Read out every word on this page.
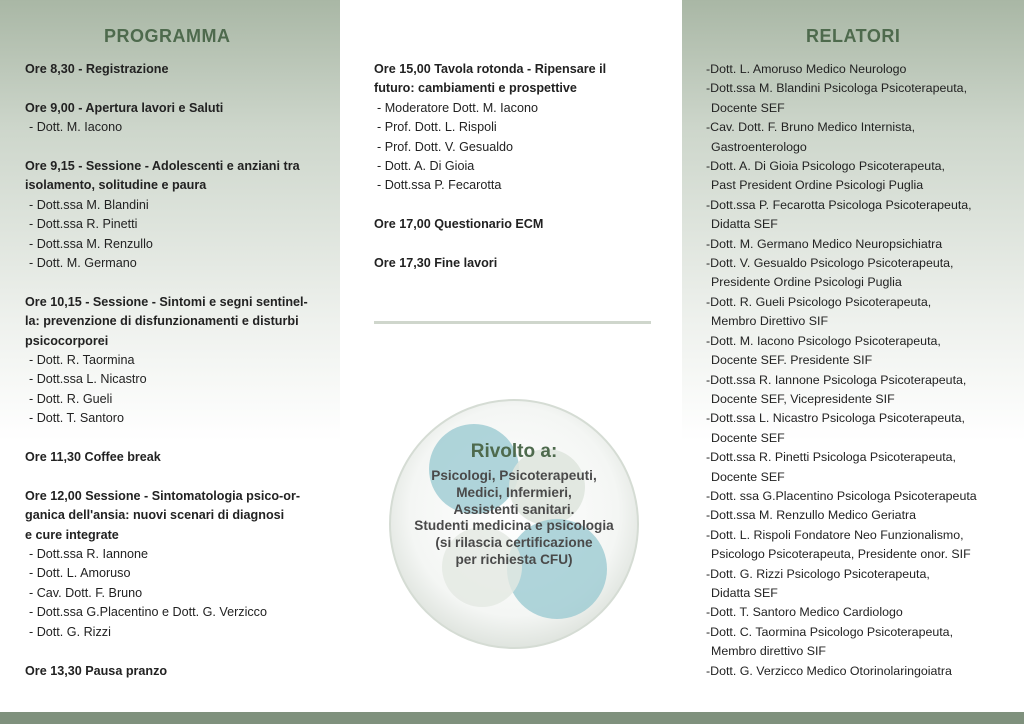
PROGRAMMA	RELATORI
Ore 8,30 - Registrazione
Ore 9,00 - Apertura lavori e Saluti
- Dott. M. Iacono
Ore 9,15 - Sessione - Adolescenti e anziani tra
isolamento, solitudine e paura
- Dott.ssa M. Blandini
- Dott.ssa R. Pinetti
- Dott.ssa M. Renzullo
- Dott. M. Germano
Ore 10,15 - Sessione - Sintomi e segni sentinel-
la: prevenzione di disfunzionamenti e disturbi
psicocorporei
- Dott. R. Taormina
- Dott.ssa L. Nicastro
- Dott. R. Gueli
- Dott. T. Santoro
Ore 11,30 Coffee break
Ore 12,00 Sessione - Sintomatologia psico-or-
ganica dell'ansia: nuovi scenari di diagnosi
e cure integrate
- Dott.ssa R. Iannone
- Dott. L. Amoruso
- Cav. Dott. F. Bruno
- Dott.ssa G.Placentino e Dott. G. Verzicco
- Dott. G. Rizzi
Ore 13,30 Pausa pranzo
Ore 15,00 Tavola rotonda - Ripensare il
futuro: cambiamenti e prospettive
- Moderatore Dott. M. Iacono
- Prof. Dott. L. Rispoli
- Prof. Dott. V. Gesualdo
- Dott. A. Di Gioia
- Dott.ssa P. Fecarotta
Ore 17,00 Questionario ECM
Ore 17,30 Fine lavori
-Dott. L. Amoruso Medico Neurologo
-Dott.ssa M. Blandini Psicologa Psicoterapeuta,
Docente SEF
-Cav. Dott. F. Bruno Medico Internista,
Gastroenterologo
-Dott. A. Di Gioia Psicologo Psicoterapeuta,
Past President Ordine Psicologi Puglia
-Dott.ssa P. Fecarotta Psicologa Psicoterapeuta,
Didatta SEF
-Dott. M. Germano Medico Neuropsichiatra
-Dott. V. Gesualdo Psicologo Psicoterapeuta,
Presidente Ordine Psicologi Puglia
-Dott. R. Gueli Psicologo Psicoterapeuta,
Membro Direttivo SIF
-Dott. M. Iacono Psicologo Psicoterapeuta,
Docente SEF. Presidente SIF
-Dott.ssa R. Iannone Psicologa Psicoterapeuta,
Docente SEF, Vicepresidente SIF
-Dott.ssa L. Nicastro Psicologa Psicoterapeuta,
Docente SEF
-Dott.ssa R. Pinetti Psicologa Psicoterapeuta,
Docente SEF
-Dott. ssa G.Placentino Psicologa Psicoterapeuta
-Dott.ssa M. Renzullo Medico Geriatra
-Dott. L. Rispoli Fondatore Neo Funzionalismo,
Psicologo Psicoterapeuta, Presidente onor. SIF
-Dott. G. Rizzi Psicologo Psicoterapeuta,
Didatta SEF
-Dott. T. Santoro Medico Cardiologo
-Dott. C. Taormina Psicologo Psicoterapeuta,
Membro direttivo SIF
-Dott. G. Verzicco Medico Otorinolaringoiatra
Rivolto a:
Psicologi, Psicoterapeuti,
Medici, Infermieri,
Assistenti sanitari.
Studenti medicina e psicologia
(si rilascia certificazione
per richiesta CFU)
